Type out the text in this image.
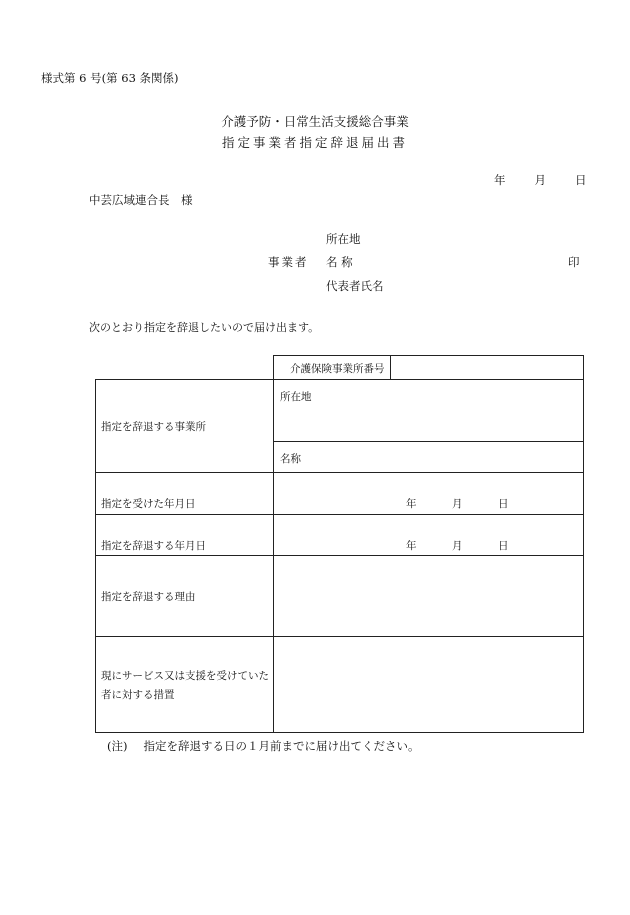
様式第 6 号(第 63 条関係)
介護予防・日常生活支援総合事業
指定事業者指定辞退届出書
年	月	日
中芸広域連合長　様
所在地
事業者 名 称	印
代表者氏名
次のとおり指定を辞退したいので届け出ます。
介護保険事業所番号
指定を辞退する事業所
所在地
名称
指定を受けた年月日	年	月	日
指定を辞退する年月日	年	月	日
指定を辞退する理由
現にサービス又は支援を受けていた
者に対する措置
(注) 指定を辞退する日の１月前までに届け出てください。
